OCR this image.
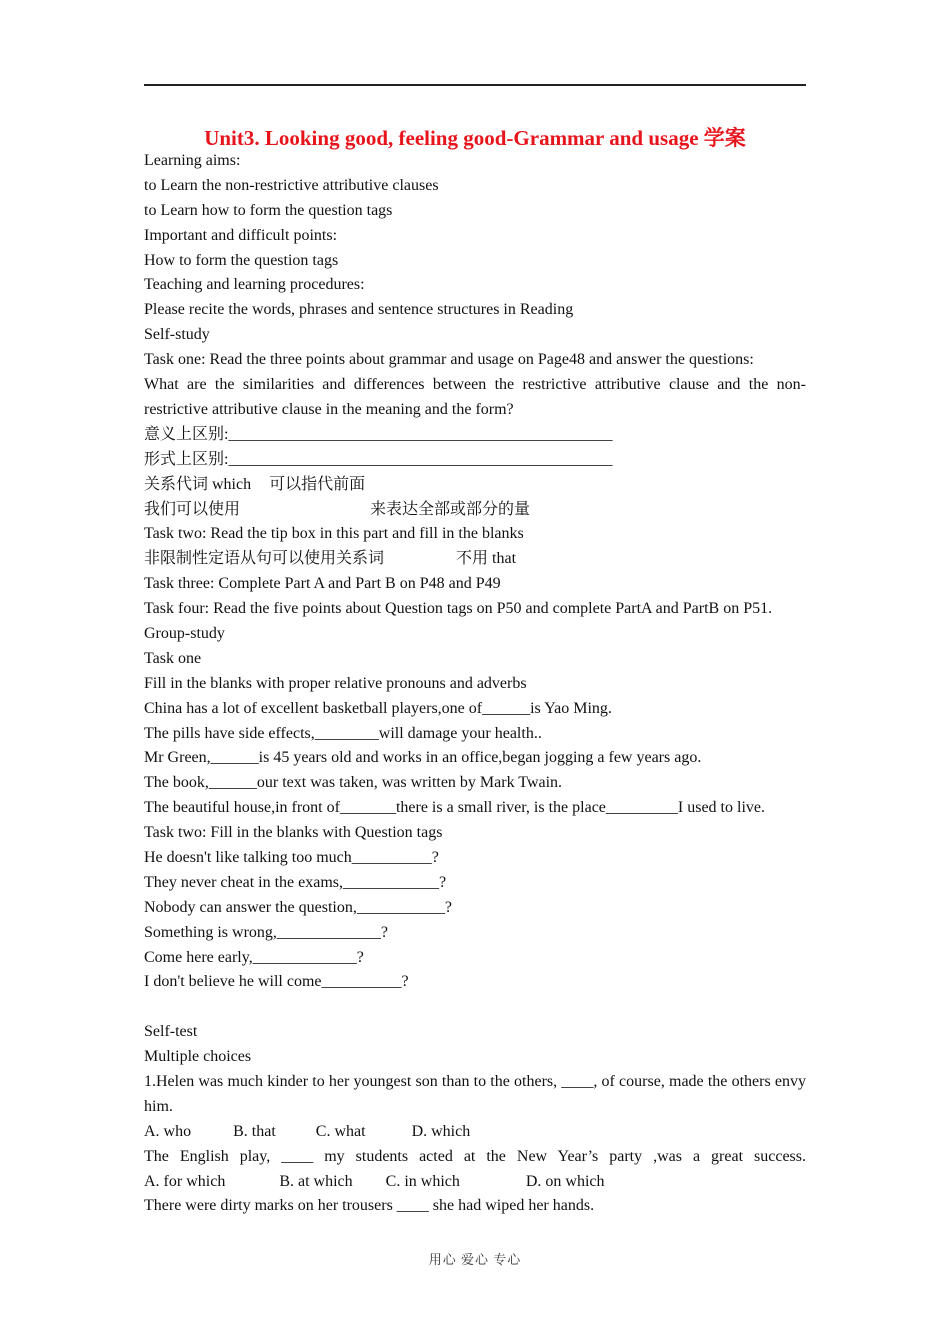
Unit3. Looking good, feeling good-Grammar and usage 学案
Learning aims:
to Learn the non-restrictive attributive clauses
to Learn how to form the question tags
Important and difficult points:
How to form the question tags
Teaching and learning procedures:
Please recite the words, phrases and sentence structures in Reading
Self-study
Task one: Read the three points about grammar and usage on Page48 and answer the questions:
What are the similarities and differences between the restrictive attributive clause and the non-restrictive attributive clause in the meaning and the form?
意义上区别:________________________________________________
形式上区别:________________________________________________
关系代词 which 可以指代前面
我们可以使用	来表达全部或部分的量
Task two: Read the tip box in this part and fill in the blanks
非限制性定语从句可以使用关系词	不用 that
Task three: Complete Part A and Part B on P48 and P49
Task four: Read the five points about Question tags on P50 and complete PartA and PartB on P51.
Group-study
Task one
Fill in the blanks with proper relative pronouns and adverbs
China has a lot of excellent basketball players,one of______is Yao Ming.
The pills have side effects,________will damage your health..
Mr Green,______is 45 years old and works in an office,began jogging a few years ago.
The book,______our text was taken, was written by Mark Twain.
The beautiful house,in front of_______there is a small river, is the place_________I used to live.
Task two: Fill in the blanks with Question tags
He doesn't like talking too much__________?
They never cheat in the exams,____________?
Nobody can answer the question,___________?
Something is wrong,_____________?
Come here early,_____________?
I don't believe he will come__________?
Self-test
Multiple choices
1.Helen was much kinder to her youngest son than to the others, ____, of course, made the others envy him.
A. who	B. that	C. what	D. which
The English play, ____ my students acted at the New Year’s party ,was a great success.
A. for which	B. at which C. in which	D. on which
There were dirty marks on her trousers ____ she had wiped her hands.
用心 爱心 专心
